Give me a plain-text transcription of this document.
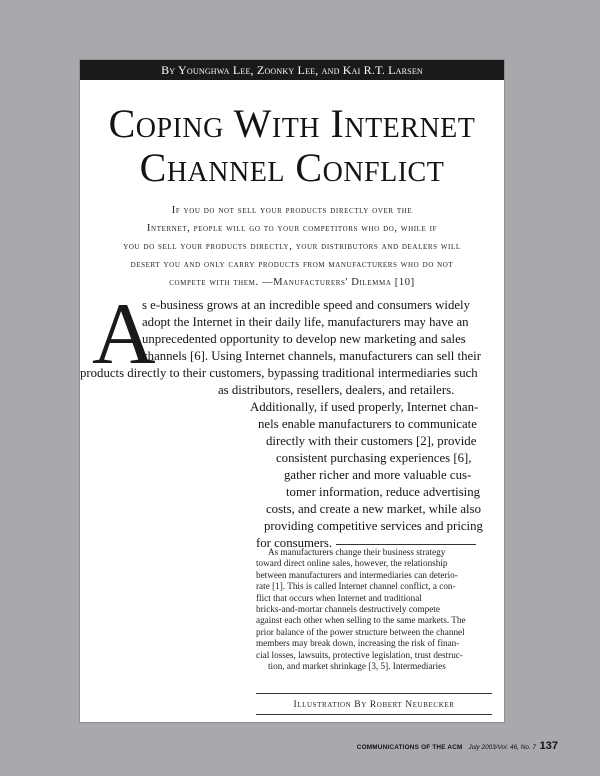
By Younghwa Lee, Zoonky Lee, and Kai R.T. Larsen
Coping With Internet
Channel Conflict
If you do not sell your products directly over the
Internet, people will go to your competitors who do, while if
you do sell your products directly, your distributors and dealers will
desert you and only carry products from manufacturers who do not
compete with them. —Manufacturers' Dilemma [10]
A
s e-business grows at an incredible speed and consumers widely
adopt the Internet in their daily life, manufacturers may have an
unprecedented opportunity to develop new marketing and sales
channels [6]. Using Internet channels, manufacturers can sell their
products directly to their customers, bypassing traditional intermediaries such
as distributors, resellers, dealers, and retailers.
Additionally, if used properly, Internet chan-
nels enable manufacturers to communicate
directly with their customers [2], provide
consistent purchasing experiences [6],
gather richer and more valuable cus-
tomer information, reduce advertising
costs, and create a new market, while also
providing competitive services and pricing
for consumers.
As manufacturers change their business strategy
toward direct online sales, however, the relationship
between manufacturers and intermediaries can deterio-
rate [1]. This is called Internet channel conflict, a con-
flict that occurs when Internet and traditional
bricks-and-mortar channels destructively compete
against each other when selling to the same markets. The
prior balance of the power structure between the channel
members may break down, increasing the risk of finan-
cial losses, lawsuits, protective legislation, trust destruc-
tion, and market shrinkage [3, 5]. Intermediaries
Illustration By Robert Neubecker
COMMUNICATIONS OF THE ACM July 2003/Vol. 46, No. 7 137
